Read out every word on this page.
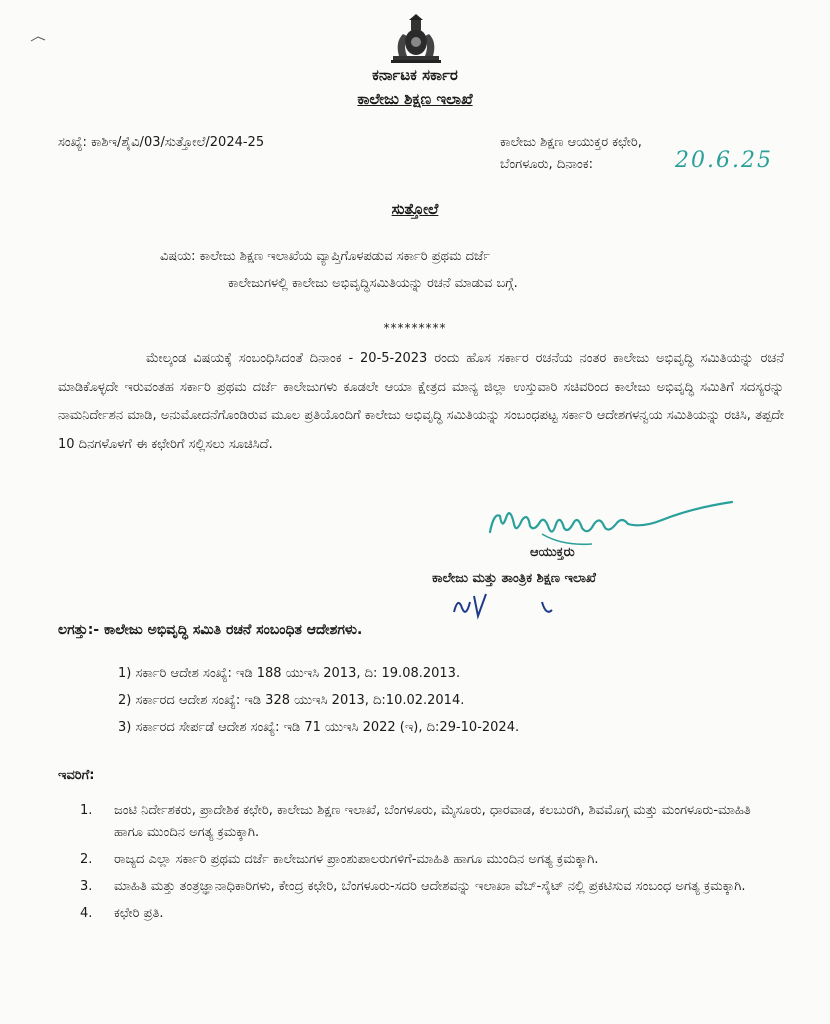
ಕರ್ನಾಟಕ ಸರ್ಕಾರ
ಕಾಲೇಜು ಶಿಕ್ಷಣ ಇಲಾಖೆ
ಸಂಖ್ಯೆ: ಕಾಶಿಇ/ಶೈವಿ/03/ಸುತ್ತೋಲೆ/2024-25	ಕಾಲೇಜು ಶಿಕ್ಷಣ ಆಯುಕ್ತರ ಕಛೇರಿ,
ಬೆಂಗಳೂರು, ದಿನಾಂಕ:	20.6.25
ಸುತ್ತೋಲೆ
ವಿಷಯ: ಕಾಲೇಜು ಶಿಕ್ಷಣ ಇಲಾಖೆಯ ವ್ಯಾಪ್ತಿಗೊಳಪಡುವ ಸರ್ಕಾರಿ ಪ್ರಥಮ ದರ್ಜೆ
ಕಾಲೇಜುಗಳಲ್ಲಿ ಕಾಲೇಜು ಅಭಿವೃದ್ಧಿಸಮಿತಿಯನ್ನು ರಚನೆ ಮಾಡುವ ಬಗ್ಗೆ.
*********
ಮೇಲ್ಕಂಡ ವಿಷಯಕ್ಕೆ ಸಂಬಂಧಿಸಿದಂತೆ ದಿನಾಂಕ - 20-5-2023 ರಂದು ಹೊಸ ಸರ್ಕಾರ ರಚನೆಯ ನಂತರ ಕಾಲೇಜು ಅಭಿವೃದ್ಧಿ ಸಮಿತಿಯನ್ನು ರಚನೆ ಮಾಡಿಕೊಳ್ಳದೇ ಇರುವಂತಹ ಸರ್ಕಾರಿ ಪ್ರಥಮ ದರ್ಜೆ ಕಾಲೇಜುಗಳು ಕೂಡಲೇ ಆಯಾ ಕ್ಷೇತ್ರದ ಮಾನ್ಯ ಜಿಲ್ಲಾ ಉಸ್ತುವಾರಿ ಸಚಿವರಿಂದ ಕಾಲೇಜು ಅಭಿವೃದ್ಧಿ ಸಮಿತಿಗೆ ಸದಸ್ಯರನ್ನು ನಾಮನಿರ್ದೇಶನ ಮಾಡಿ, ಅನುಮೋದನೆಗೊಂಡಿರುವ ಮೂಲ ಪ್ರತಿಯೊಂದಿಗೆ ಕಾಲೇಜು ಅಭಿವೃದ್ಧಿ ಸಮಿತಿಯನ್ನು ಸಂಬಂಧಪಟ್ಟ ಸರ್ಕಾರಿ ಆದೇಶಗಳನ್ವಯ ಸಮಿತಿಯನ್ನು ರಚಿಸಿ, ತಪ್ಪದೇ 10 ದಿನಗಳೊಳಗೆ ಈ ಕಛೇರಿಗೆ ಸಲ್ಲಿಸಲು ಸೂಚಿಸಿದೆ.
ಆಯುಕ್ತರು
ಕಾಲೇಜು ಮತ್ತು ತಾಂತ್ರಿಕ ಶಿಕ್ಷಣ ಇಲಾಖೆ
ಲಗತ್ತು:- ಕಾಲೇಜು ಅಭಿವೃದ್ಧಿ ಸಮಿತಿ ರಚನೆ ಸಂಬಂಧಿತ ಆದೇಶಗಳು.
1) ಸರ್ಕಾರಿ ಆದೇಶ ಸಂಖ್ಯೆ: ಇಡಿ 188 ಯುಇಸಿ 2013, ದಿ: 19.08.2013.
2) ಸರ್ಕಾರದ ಆದೇಶ ಸಂಖ್ಯೆ: ಇಡಿ 328 ಯುಇಸಿ 2013, ದಿ:10.02.2014.
3) ಸರ್ಕಾರದ ಸೇರ್ಪಡೆ ಆದೇಶ ಸಂಖ್ಯೆ: ಇಡಿ 71 ಯುಇಸಿ 2022 (ಇ), ದಿ:29-10-2024.
ಇವರಿಗೆ:
1.	ಜಂಟಿ ನಿರ್ದೇಶಕರು, ಪ್ರಾದೇಶಿಕ ಕಛೇರಿ, ಕಾಲೇಜು ಶಿಕ್ಷಣ ಇಲಾಖೆ, ಬೆಂಗಳೂರು, ಮೈಸೂರು, ಧಾರವಾಡ, ಕಲಬುರಗಿ, ಶಿವಮೊಗ್ಗ ಮತ್ತು ಮಂಗಳೂರು-ಮಾಹಿತಿ ಹಾಗೂ ಮುಂದಿನ ಅಗತ್ಯ ಕ್ರಮಕ್ಕಾಗಿ.
2.	ರಾಜ್ಯದ ಎಲ್ಲಾ ಸರ್ಕಾರಿ ಪ್ರಥಮ ದರ್ಜೆ ಕಾಲೇಜುಗಳ ಪ್ರಾಂಶುಪಾಲರುಗಳಿಗೆ-ಮಾಹಿತಿ ಹಾಗೂ ಮುಂದಿನ ಅಗತ್ಯ ಕ್ರಮಕ್ಕಾಗಿ.
3.	ಮಾಹಿತಿ ಮತ್ತು ತಂತ್ರಜ್ಞಾನಾಧಿಕಾರಿಗಳು, ಕೇಂದ್ರ ಕಛೇರಿ, ಬೆಂಗಳೂರು-ಸದರಿ ಆದೇಶವನ್ನು ಇಲಾಖಾ ವೆಬ್-ಸೈಟ್ ನಲ್ಲಿ ಪ್ರಕಟಿಸುವ ಸಂಬಂಧ ಅಗತ್ಯ ಕ್ರಮಕ್ಕಾಗಿ.
4.	ಕಛೇರಿ ಪ್ರತಿ.
